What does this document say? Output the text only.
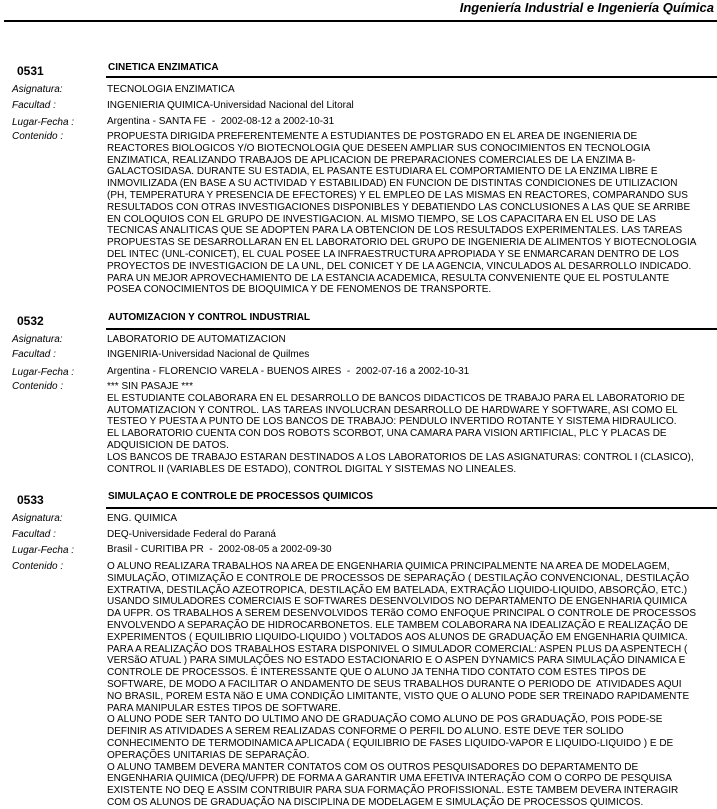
Ingeniería Industrial e Ingeniería Química
0531	CINETICA ENZIMATICA
Asignatura:	TECNOLOGIA ENZIMATICA
Facultad :	INGENIERIA QUIMICA-Universidad Nacional del Litoral
Lugar-Fecha :	Argentina - SANTA FE  -  2002-08-12 a 2002-10-31
Contenido :	PROPUESTA DIRIGIDA PREFERENTEMENTE A ESTUDIANTES DE POSTGRADO EN EL AREA DE INGENIERIA DE
REACTORES BIOLOGICOS Y/O BIOTECNOLOGIA QUE DESEEN AMPLIAR SUS CONOCIMIENTOS EN TECNOLOGIA
ENZIMATICA, REALIZANDO TRABAJOS DE APLICACION DE PREPARACIONES COMERCIALES DE LA ENZIMA B-
GALACTOSIDASA. DURANTE SU ESTADIA, EL PASANTE ESTUDIARA EL COMPORTAMIENTO DE LA ENZIMA LIBRE E
INMOVILIZADA (EN BASE A SU ACTIVIDAD Y ESTABILIDAD) EN FUNCION DE DISTINTAS CONDICIONES DE UTILIZACION
(PH, TEMPERATURA Y PRESENCIA DE EFECTORES) Y EL EMPLEO DE LAS MISMAS EN REACTORES, COMPARANDO SUS
RESULTADOS CON OTRAS INVESTIGACIONES DISPONIBLES Y DEBATIENDO LAS CONCLUSIONES A LAS QUE SE ARRIBE
EN COLOQUIOS CON EL GRUPO DE INVESTIGACION. AL MISMO TIEMPO, SE LOS CAPACITARA EN EL USO DE LAS
TECNICAS ANALITICAS QUE SE ADOPTEN PARA LA OBTENCION DE LOS RESULTADOS EXPERIMENTALES. LAS TAREAS
PROPUESTAS SE DESARROLLARAN EN EL LABORATORIO DEL GRUPO DE INGENIERIA DE ALIMENTOS Y BIOTECNOLOGIA
DEL INTEC (UNL-CONICET), EL CUAL POSEE LA INFRAESTRUCTURA APROPIADA Y SE ENMARCARAN DENTRO DE LOS
PROYECTOS DE INVESTIGACION DE LA UNL, DEL CONICET Y DE LA AGENCIA, VINCULADOS AL DESARROLLO INDICADO.
PARA UN MEJOR APROVECHAMIENTO DE LA ESTANCIA ACADEMICA, RESULTA CONVENIENTE QUE EL POSTULANTE
POSEA CONOCIMIENTOS DE BIOQUIMICA Y DE FENOMENOS DE TRANSPORTE.
0532	AUTOMIZACION Y CONTROL INDUSTRIAL
Asignatura:	LABORATORIO DE AUTOMATIZACION
Facultad :	INGENIRIA-Universidad Nacional de Quilmes
Lugar-Fecha :	Argentina - FLORENCIO VARELA - BUENOS AIRES  -  2002-07-16 a 2002-10-31
Contenido :	*** SIN PASAJE ***
EL ESTUDIANTE COLABORARA EN EL DESARROLLO DE BANCOS DIDACTICOS DE TRABAJO PARA EL LABORATORIO DE
AUTOMATIZACION Y CONTROL. LAS TAREAS INVOLUCRAN DESARROLLO DE HARDWARE Y SOFTWARE, ASI COMO EL
TESTEO Y PUESTA A PUNTO DE LOS BANCOS DE TRABAJO: PENDULO INVERTIDO ROTANTE Y SISTEMA HIDRAULICO.
EL LABORATORIO CUENTA CON DOS ROBOTS SCORBOT, UNA CAMARA PARA VISION ARTIFICIAL, PLC Y PLACAS DE
ADQUISICION DE DATOS.
LOS BANCOS DE TRABAJO ESTARAN DESTINADOS A LOS LABORATORIOS DE LAS ASIGNATURAS: CONTROL I (CLASICO),
CONTROL II (VARIABLES DE ESTADO), CONTROL DIGITAL Y SISTEMAS NO LINEALES.
0533	SIMULAÇAO E CONTROLE DE PROCESSOS QUIMICOS
Asignatura:	ENG. QUIMICA
Facultad :	DEQ-Universidade Federal do Paraná
Lugar-Fecha :	Brasil - CURITIBA PR  -  2002-08-05 a 2002-09-30
Contenido :	O ALUNO REALIZARA TRABALHOS NA AREA DE ENGENHARIA QUIMICA PRINCIPALMENTE NA AREA DE MODELAGEM,
SIMULAÇÃO, OTIMIZAÇÃO E CONTROLE DE PROCESSOS DE SEPARAÇÃO ( DESTILAÇÃO CONVENCIONAL, DESTILAÇÃO
EXTRATIVA, DESTILAÇÃO AZEOTROPICA, DESTILAÇÃO EM BATELADA, EXTRAÇÃO LIQUIDO-LIQUIDO, ABSORÇÃO, ETC.)
USANDO SIMULADORES COMERCIAIS E SOFTWARES DESENVOLVIDOS NO DEPARTAMENTO DE ENGENHARIA QUIMICA
DA UFPR. OS TRABALHOS A SEREM DESENVOLVIDOS TERãO COMO ENFOQUE PRINCIPAL O CONTROLE DE PROCESSOS
ENVOLVENDO A SEPARAÇÃO DE HIDROCARBONETOS. ELE TAMBEM COLABORARA NA IDEALIZAÇÃO E REALIZAÇÃO DE
EXPERIMENTOS ( EQUILIBRIO LIQUIDO-LIQUIDO ) VOLTADOS AOS ALUNOS DE GRADUAÇÃO EM ENGENHARIA QUIMICA.
PARA A REALIZAÇÃO DOS TRABALHOS ESTARA DISPONIVEL O SIMULADOR COMERCIAL: ASPEN PLUS DA ASPENTECH (
VERSãO ATUAL ) PARA SIMULAÇÕES NO ESTADO ESTACIONARIO E O ASPEN DYNAMICS PARA SIMULAÇÃO DINAMICA E
CONTROLE DE PROCESSOS. É INTERESSANTE QUE O ALUNO JA TENHA TIDO CONTATO COM ESTES TIPOS DE
SOFTWARE, DE MODO A FACILITAR O ANDAMENTO DE SEUS TRABALHOS DURANTE O PERIODO DE  ATIVIDADES AQUI
NO BRASIL, POREM ESTA NãO E UMA CONDIÇÃO LIMITANTE, VISTO QUE O ALUNO PODE SER TREINADO RAPIDAMENTE
PARA MANIPULAR ESTES TIPOS DE SOFTWARE.
O ALUNO PODE SER TANTO DO ULTIMO ANO DE GRADUAÇÃO COMO ALUNO DE POS GRADUAÇÃO, POIS PODE-SE
DEFINIR AS ATIVIDADES A SEREM REALIZADAS CONFORME O PERFIL DO ALUNO. ESTE DEVE TER SOLIDO
CONHECIMENTO DE TERMODINAMICA APLICADA ( EQUILIBRIO DE FASES LIQUIDO-VAPOR E LIQUIDO-LIQUIDO ) E DE
OPERAÇÕES UNITARIAS DE SEPARAÇÃO.
O ALUNO TAMBEM DEVERA MANTER CONTATOS COM OS OUTROS PESQUISADORES DO DEPARTAMENTO DE
ENGENHARIA QUIMICA (DEQ/UFPR) DE FORMA A GARANTIR UMA EFETIVA INTERAÇÃO COM O CORPO DE PESQUISA
EXISTENTE NO DEQ E ASSIM CONTRIBUIR PARA SUA FORMAÇÃO PROFISSIONAL. ESTE TAMBEM DEVERA INTERAGIR
COM OS ALUNOS DE GRADUAÇÃO NA DISCIPLINA DE MODELAGEM E SIMULAÇÃO DE PROCESSOS QUIMICOS.
